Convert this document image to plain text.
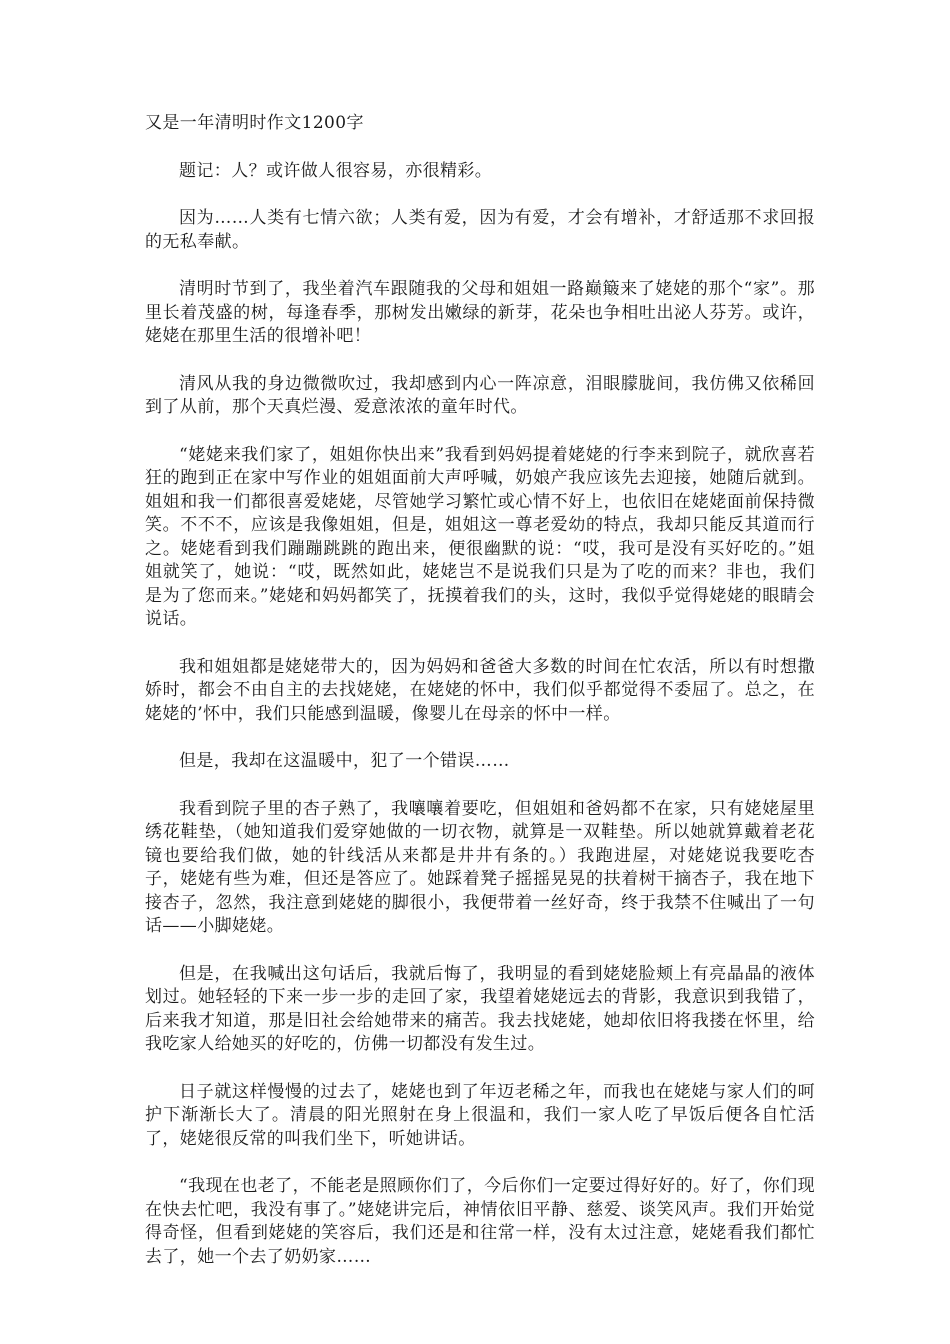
又是一年清明时作文1200字

题记：人？或许做人很容易，亦很精彩。

因为……人类有七情六欲；人类有爱，因为有爱，才会有增补，才舒适那不求回报的无私奉献。

清明时节到了，我坐着汽车跟随我的父母和姐姐一路巅簸来了姥姥的那个“家”。那里长着茂盛的树，每逢春季，那树发出嫩绿的新芽，花朵也争相吐出泌人芬芳。或许，姥姥在那里生活的很增补吧！

清风从我的身边微微吹过，我却感到内心一阵凉意，泪眼朦胧间，我仿佛又依稀回到了从前，那个天真烂漫、爱意浓浓的童年时代。

“姥姥来我们家了，姐姐你快出来”我看到妈妈提着姥姥的行李来到院子，就欣喜若狂的跑到正在家中写作业的姐姐面前大声呼喊，奶娘产我应该先去迎接，她随后就到。姐姐和我一们都很喜爱姥姥，尽管她学习繁忙或心情不好上，也依旧在姥姥面前保持微笑。不不不，应该是我像姐姐，但是，姐姐这一尊老爱幼的特点，我却只能反其道而行之。姥姥看到我们蹦蹦跳跳的跑出来，便很幽默的说：“哎，我可是没有买好吃的。”姐姐就笑了，她说：“哎，既然如此，姥姥岂不是说我们只是为了吃的而来？非也，我们是为了您而来。”姥姥和妈妈都笑了，抚摸着我们的头，这时，我似乎觉得姥姥的眼睛会说话。

我和姐姐都是姥姥带大的，因为妈妈和爸爸大多数的时间在忙农活，所以有时想撒娇时，都会不由自主的去找姥姥，在姥姥的怀中，我们似乎都觉得不委屈了。总之，在姥姥的’怀中，我们只能感到温暖，像婴儿在母亲的怀中一样。

但是，我却在这温暖中，犯了一个错误……

我看到院子里的杏子熟了，我嚷嚷着要吃，但姐姐和爸妈都不在家，只有姥姥屋里绣花鞋垫，（她知道我们爱穿她做的一切衣物，就算是一双鞋垫。所以她就算戴着老花镜也要给我们做，她的针线活从来都是井井有条的。）我跑进屋，对姥姥说我要吃杏子，姥姥有些为难，但还是答应了。她踩着凳子摇摇晃晃的扶着树干摘杏子，我在地下接杏子，忽然，我注意到姥姥的脚很小，我便带着一丝好奇，终于我禁不住喊出了一句话——小脚姥姥。

但是，在我喊出这句话后，我就后悔了，我明显的看到姥姥脸颊上有亮晶晶的液体划过。她轻轻的下来一步一步的走回了家，我望着姥姥远去的背影，我意识到我错了，后来我才知道，那是旧社会给她带来的痛苦。我去找姥姥，她却依旧将我搂在怀里，给我吃家人给她买的好吃的，仿佛一切都没有发生过。

日子就这样慢慢的过去了，姥姥也到了年迈老稀之年，而我也在姥姥与家人们的呵护下渐渐长大了。清晨的阳光照射在身上很温和，我们一家人吃了早饭后便各自忙活了，姥姥很反常的叫我们坐下，听她讲话。

“我现在也老了，不能老是照顾你们了，今后你们一定要过得好好的。好了，你们现在快去忙吧，我没有事了。”姥姥讲完后，神情依旧平静、慈爱、谈笑风声。我们开始觉得奇怪，但看到姥姥的笑容后，我们还是和往常一样，没有太过注意，姥姥看我们都忙去了，她一个去了奶奶家……
